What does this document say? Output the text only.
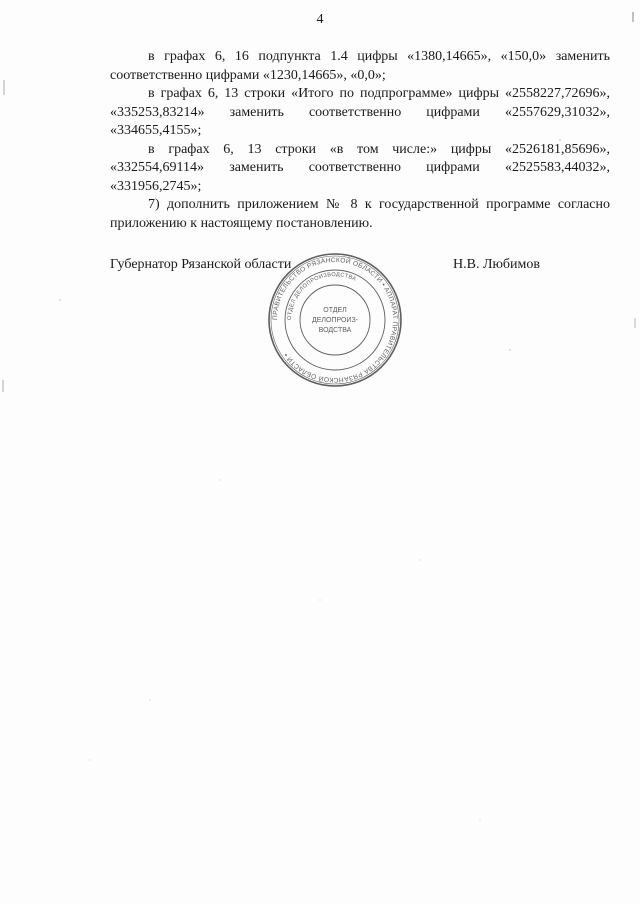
4

в графах 6, 16 подпункта 1.4 цифры «1380,14665», «150,0» заменить соответственно цифрами «1230,14665», «0,0»;

в графах 6, 13 строки «Итого по подпрограмме» цифры «2558227,72696», «335253,83214» заменить соответственно цифрами «2557629,31032», «334655,4155»;

в графах 6, 13 строки «в том числе:» цифры «2526181,85696», «332554,69114» заменить соответственно цифрами «2525583,44032», «331956,2745»;

7) дополнить приложением № 8 к государственной программе согласно приложению к настоящему постановлению.

Губернатор Рязанской области	Н.В. Любимов
ПРАВИТЕЛЬСТВО РЯЗАНСКОЙ ОБЛАСТИ • АППАРАТ ПРАВИТЕЛЬСТВА РЯЗАНСКОЙ ОБЛАСТИ •
ОТДЕЛ ДЕЛОПРОИЗВОДСТВА
ОТДЕЛ
ДЕЛОПРОИЗ-
ВОДСТВА
